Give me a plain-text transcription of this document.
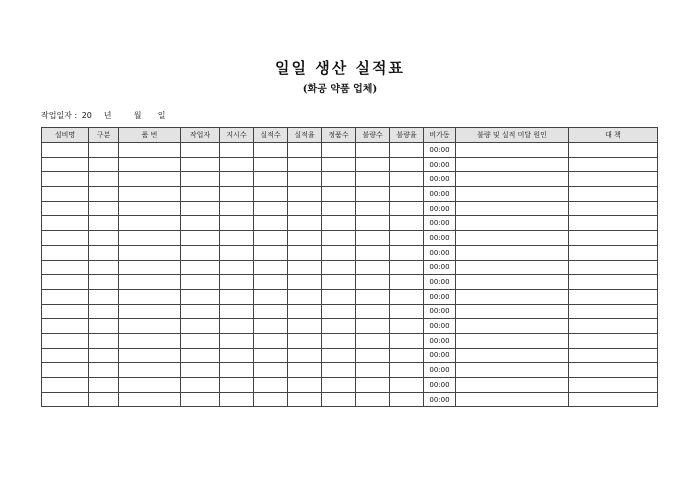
일일 생산 실적표
(화공 약품 업체)
작업일자 : 20 년	월 일
설비명	구분	품 번	작업자	지시수	실적수	실적율	정품수	불량수	불량율	비가동	불량 및 실적 미달 원인	대 책
										00:00		
										00:00		
										00:00		
										00:00		
										00:00		
										00:00		
										00:00		
										00:00		
										00:00		
										00:00		
										00:00		
										00:00		
										00:00		
										00:00		
										00:00		
										00:00		
										00:00		
										00:00		
